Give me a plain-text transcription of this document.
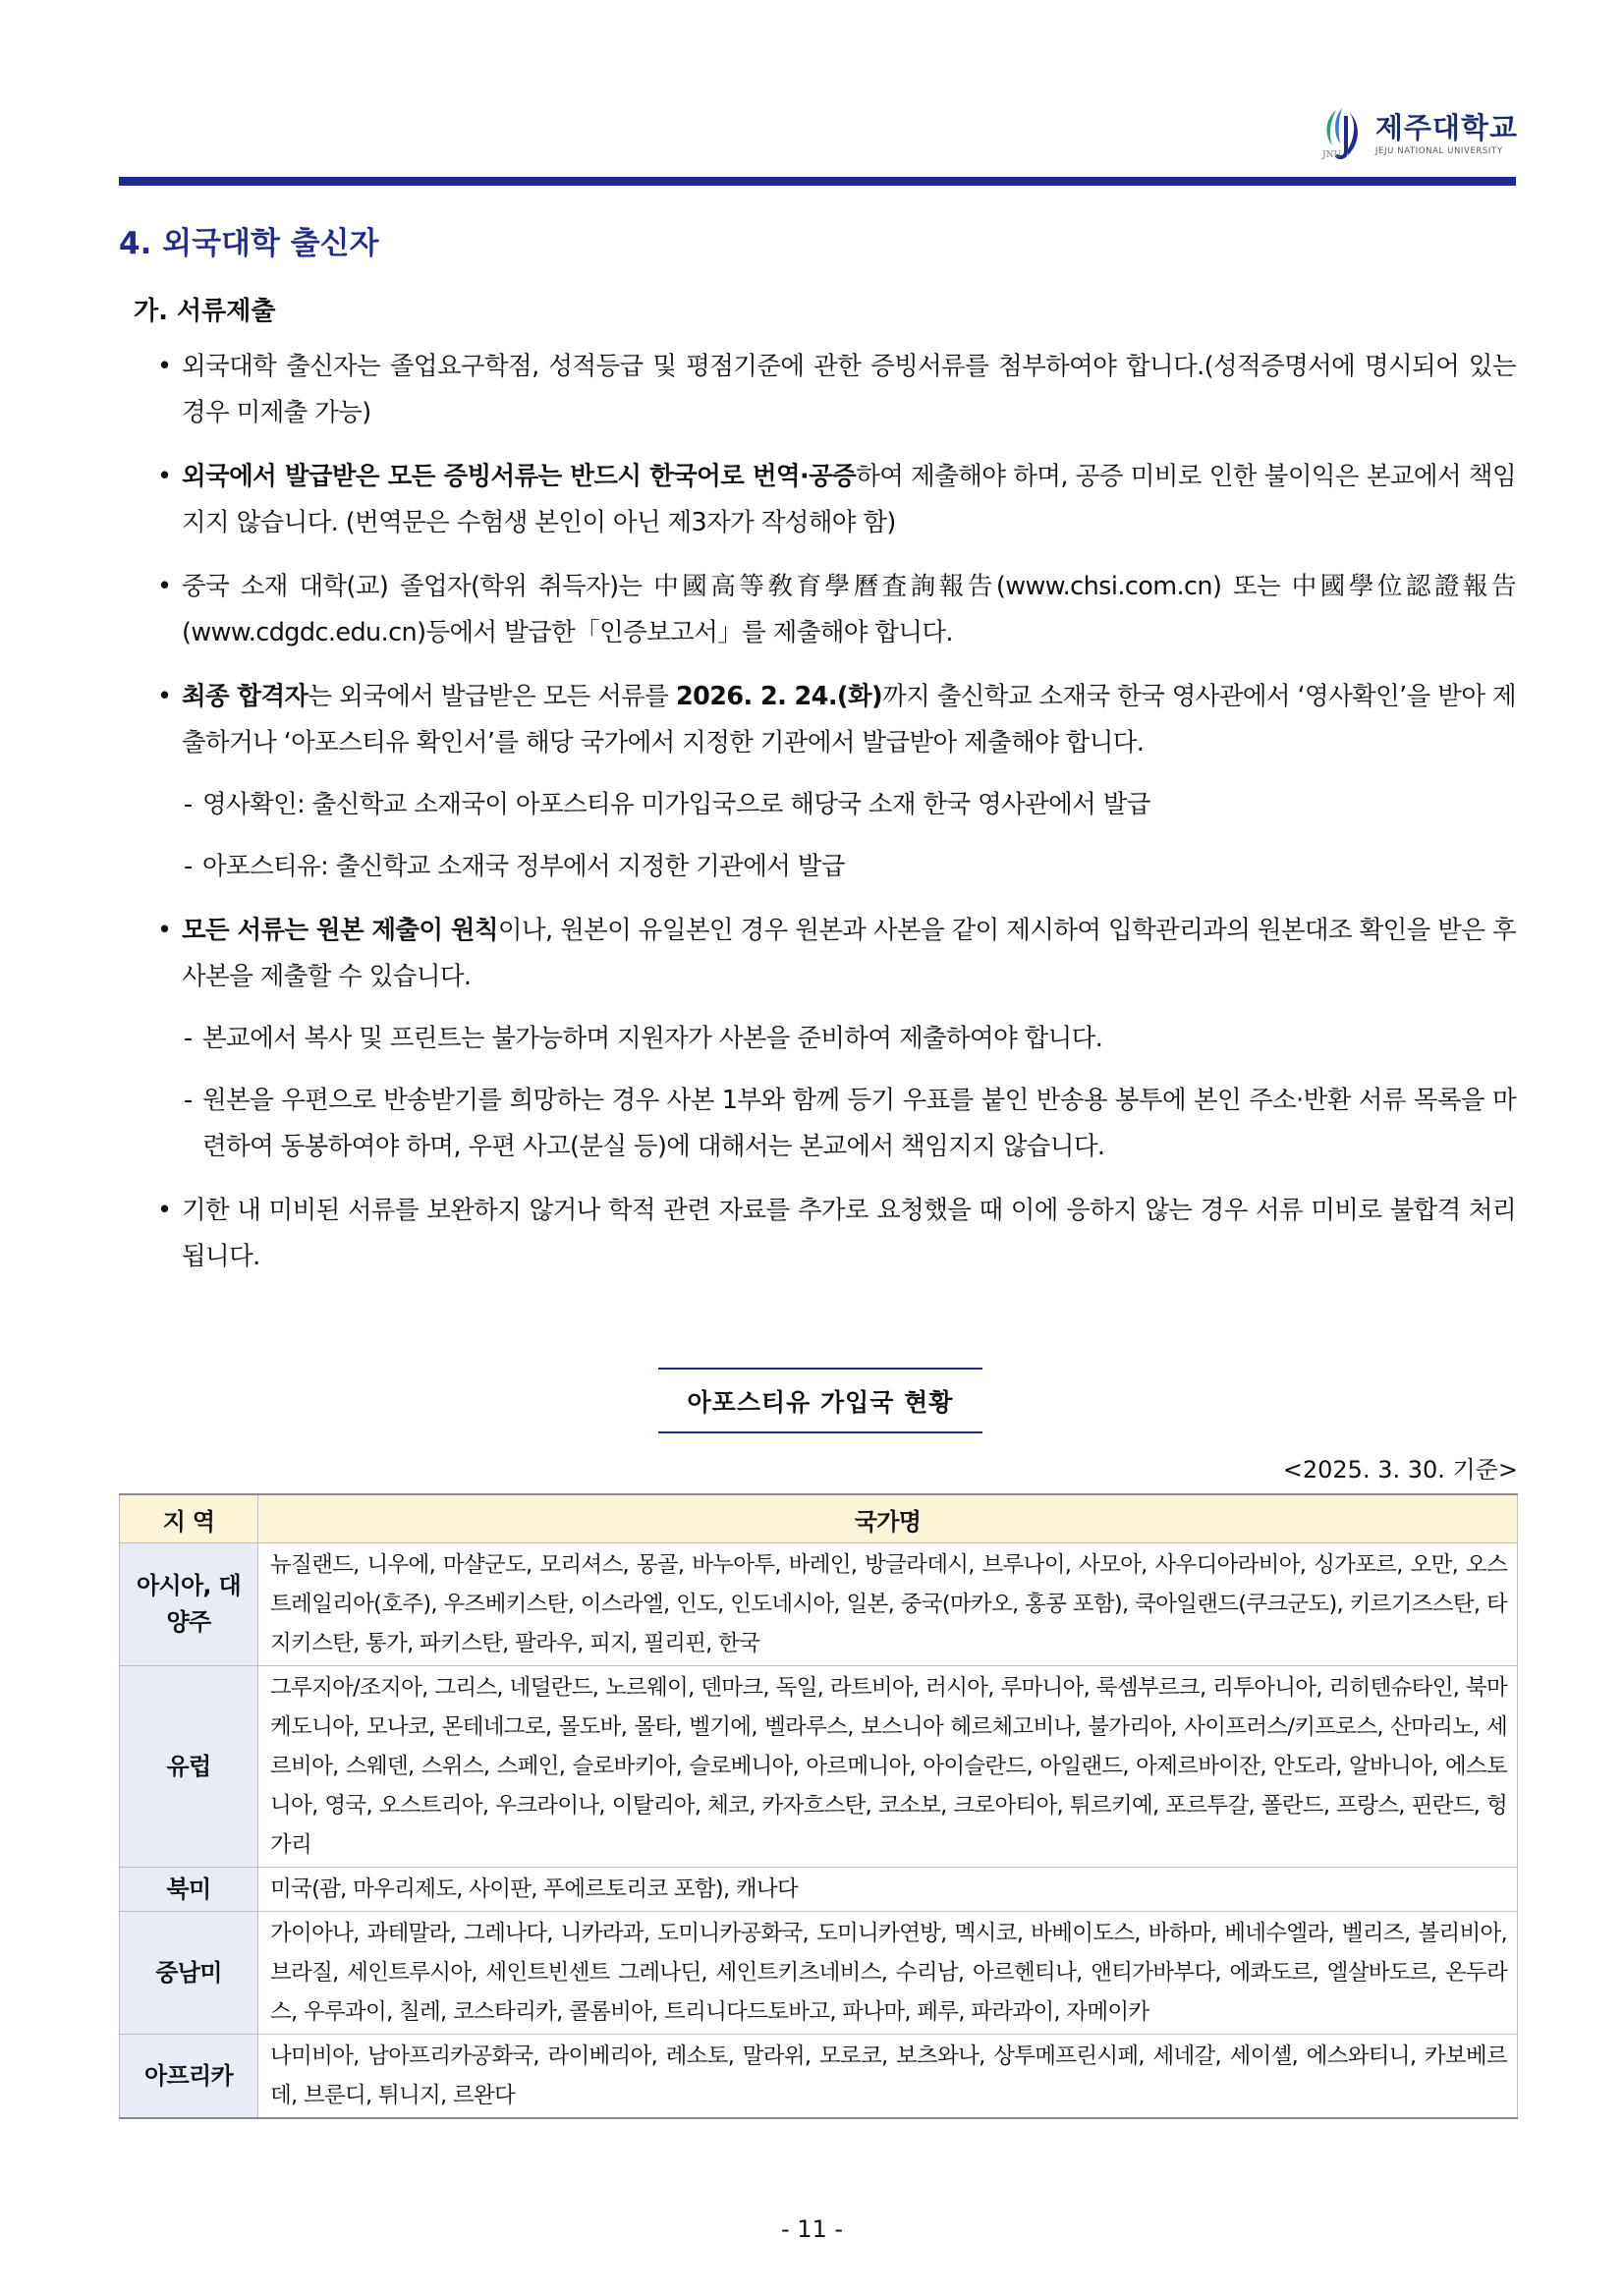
JNU
제주대학교
JEJU NATIONAL UNIVERSITY
4. 외국대학 출신자
가. 서류제출
• 외국대학 출신자는 졸업요구학점, 성적등급 및 평점기준에 관한 증빙서류를 첨부하여야 합니다.(성적증명서에 명시되어 있는 경우 미제출 가능)
• 외국에서 발급받은 모든 증빙서류는 반드시 한국어로 번역·공증하여 제출해야 하며, 공증 미비로 인한 불이익은 본교에서 책임지지 않습니다. (번역문은 수험생 본인이 아닌 제3자가 작성해야 함)
• 중국 소재 대학(교) 졸업자(학위 취득자)는 中國高等敎育學曆査詢報告(www.chsi.com.cn) 또는 中國學位認證報告(www.cdgdc.edu.cn)등에서 발급한「인증보고서」를 제출해야 합니다.
• 최종 합격자는 외국에서 발급받은 모든 서류를 2026. 2. 24.(화)까지 출신학교 소재국 한국 영사관에서 ‘영사확인’을 받아 제출하거나 ‘아포스티유 확인서’를 해당 국가에서 지정한 기관에서 발급받아 제출해야 합니다.
- 영사확인: 출신학교 소재국이 아포스티유 미가입국으로 해당국 소재 한국 영사관에서 발급
- 아포스티유: 출신학교 소재국 정부에서 지정한 기관에서 발급
• 모든 서류는 원본 제출이 원칙이나, 원본이 유일본인 경우 원본과 사본을 같이 제시하여 입학관리과의 원본대조 확인을 받은 후 사본을 제출할 수 있습니다.
- 본교에서 복사 및 프린트는 불가능하며 지원자가 사본을 준비하여 제출하여야 합니다.
- 원본을 우편으로 반송받기를 희망하는 경우 사본 1부와 함께 등기 우표를 붙인 반송용 봉투에 본인 주소·반환 서류 목록을 마련하여 동봉하여야 하며, 우편 사고(분실 등)에 대해서는 본교에서 책임지지 않습니다.
• 기한 내 미비된 서류를 보완하지 않거나 학적 관련 자료를 추가로 요청했을 때 이에 응하지 않는 경우 서류 미비로 불합격 처리됩니다.
아포스티유 가입국 현황
<2025. 3. 30. 기준>
지 역	국가명
아시아, 대양주	뉴질랜드, 니우에, 마샬군도, 모리셔스, 몽골, 바누아투, 바레인, 방글라데시, 브루나이, 사모아, 사우디아라비아, 싱가포르, 오만, 오스트레일리아(호주), 우즈베키스탄, 이스라엘, 인도, 인도네시아, 일본, 중국(마카오, 홍콩 포함), 쿡아일랜드(쿠크군도), 키르기즈스탄, 타지키스탄, 통가, 파키스탄, 팔라우, 피지, 필리핀, 한국
유럽	그루지아/조지아, 그리스, 네덜란드, 노르웨이, 덴마크, 독일, 라트비아, 러시아, 루마니아, 룩셈부르크, 리투아니아, 리히텐슈타인, 북마케도니아, 모나코, 몬테네그로, 몰도바, 몰타, 벨기에, 벨라루스, 보스니아 헤르체고비나, 불가리아, 사이프러스/키프로스, 산마리노, 세르비아, 스웨덴, 스위스, 스페인, 슬로바키아, 슬로베니아, 아르메니아, 아이슬란드, 아일랜드, 아제르바이잔, 안도라, 알바니아, 에스토니아, 영국, 오스트리아, 우크라이나, 이탈리아, 체코, 카자흐스탄, 코소보, 크로아티아, 튀르키예, 포르투갈, 폴란드, 프랑스, 핀란드, 헝가리
북미	미국(괌, 마우리제도, 사이판, 푸에르토리코 포함), 캐나다
중남미	가이아나, 과테말라, 그레나다, 니카라과, 도미니카공화국, 도미니카연방, 멕시코, 바베이도스, 바하마, 베네수엘라, 벨리즈, 볼리비아, 브라질, 세인트루시아, 세인트빈센트 그레나딘, 세인트키츠네비스, 수리남, 아르헨티나, 앤티가바부다, 에콰도르, 엘살바도르, 온두라스, 우루과이, 칠레, 코스타리카, 콜롬비아, 트리니다드토바고, 파나마, 페루, 파라과이, 자메이카
아프리카	나미비아, 남아프리카공화국, 라이베리아, 레소토, 말라위, 모로코, 보츠와나, 상투메프린시페, 세네갈, 세이셸, 에스와티니, 카보베르데, 브룬디, 튀니지, 르완다
- 11 -
